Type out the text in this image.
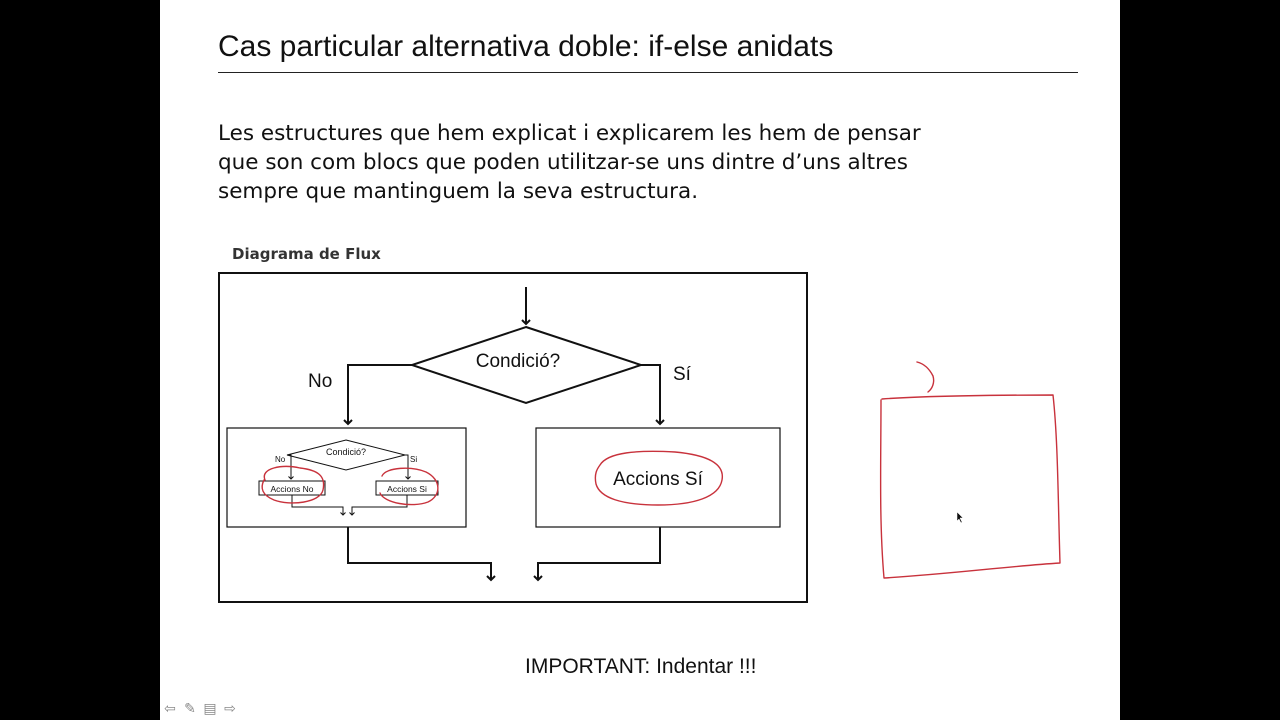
Cas particular alternativa doble: if-else anidats
Les estructures que hem explicat i explicarem les hem de pensar
que son com blocs que poden utilitzar-se uns dintre d’uns altres
sempre que mantinguem la seva estructura.
Diagrama de Flux
Condició?
No	Sí
Condició?
No	Si
Accions No	Accions Si	Accions Sí
IMPORTANT: Indentar !!!
⇦ ✎ ▤ ⇨
